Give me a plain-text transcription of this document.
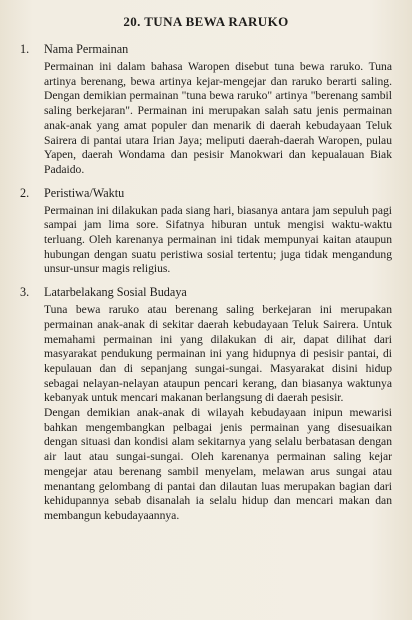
20. TUNA BEWA RARUKO
1.	Nama Permainan

Permainan ini dalam bahasa Waropen disebut tuna bewa raruko. Tuna artinya berenang, bewa artinya kejar-mengejar dan raruko berarti saling. Dengan demikian permainan "tuna bewa raruko" artinya "berenang sambil saling berkejaran". Permainan ini merupakan salah satu jenis permainan anak-anak yang amat populer dan menarik di daerah kebudayaan Teluk Sairera di pantai utara Irian Jaya; meliputi daerah-daerah Waropen, pulau Yapen, daerah Wondama dan pesisir Manokwari dan kepualauan Biak Padaido.

2.	Peristiwa/Waktu

Permainan ini dilakukan pada siang hari, biasanya antara jam sepuluh pagi sampai jam lima sore. Sifatnya hiburan untuk mengisi waktu-waktu terluang. Oleh karenanya permainan ini tidak mempunyai kaitan ataupun hubungan dengan suatu peristiwa sosial tertentu; juga tidak mengandung unsur-unsur magis religius.

3.	Latarbelakang Sosial Budaya

Tuna bewa raruko atau berenang saling berkejaran ini merupakan permainan anak-anak di sekitar daerah kebudayaan Teluk Sairera. Untuk memahami permainan ini yang dilakukan di air, dapat dilihat dari masyarakat pendukung permainan ini yang hidupnya di pesisir pantai, di kepulauan dan di sepanjang sungai-sungai. Masyarakat disini hidup sebagai nelayan-nelayan ataupun pencari kerang, dan biasanya waktunya kebanyak untuk mencari makanan berlangsung di daerah pesisir.

Dengan demikian anak-anak di wilayah kebudayaan inipun mewarisi bahkan mengembangkan pelbagai jenis permainan yang disesuaikan dengan situasi dan kondisi alam sekitarnya yang selalu berbatasan dengan air laut atau sungai-sungai. Oleh karenanya permainan saling kejar mengejar atau berenang sambil menyelam, melawan arus sungai atau menantang gelombang di pantai dan dilautan luas merupakan bagian dari kehidupannya sebab disanalah ia selalu hidup dan mencari makan dan membangun kebudayaannya.
